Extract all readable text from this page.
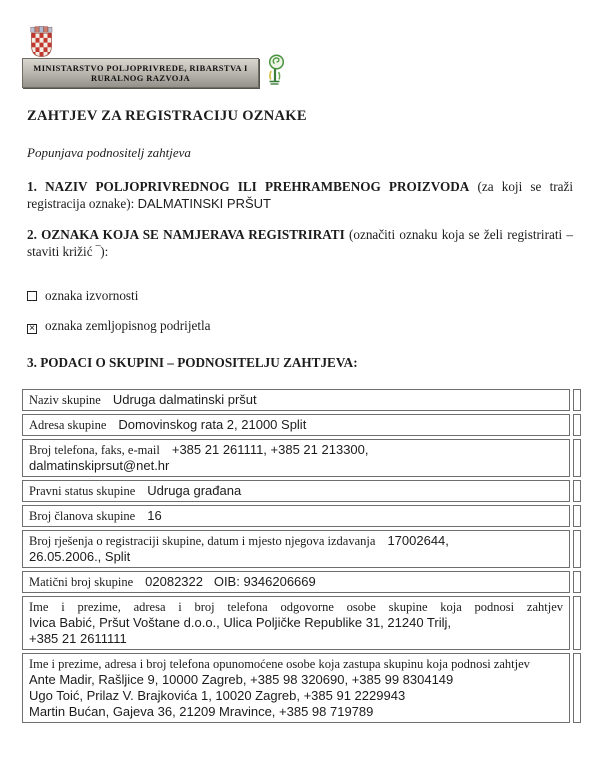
MINISTARSTVO POLJOPRIVREDE, RIBARSTVA I
RURALNOG RAZVOJA
ZAHTJEV ZA REGISTRACIJU OZNAKE
Popunjava podnositelj zahtjeva

1. NAZIV POLJOPRIVREDNOG ILI PREHRAMBENOG PROIZVODA (za koji se traži registracija oznake): DALMATINSKI PRŠUT

2. OZNAKA KOJA SE NAMJERAVA REGISTRIRATI (označiti oznaku koja se želi registrirati – staviti križić ‾):

oznaka izvornosti
× oznaka zemljopisnog podrijetla
3. PODACI O SKUPINI – PODNOSITELJU ZAHTJEVA:
Naziv skupine Udruga dalmatinski pršut
Adresa skupine Domovinskog rata 2, 21000 Split
Broj telefona, faks, e-mail +385 21 261111, +385 21 213300,
dalmatinskiprsut@net.hr
Pravni status skupine Udruga građana
Broj članova skupine 16
Broj rješenja o registraciji skupine, datum i mjesto njegova izdavanja 17002644,
26.05.2006., Split
Matični broj skupine 02082322   OIB: 9346206669
Ime i prezime, adresa i broj telefona odgovorne osobe skupine koja podnosi zahtjev
Ivica Babić, Pršut Voštane d.o.o., Ulica Poljičke Republike 31, 21240 Trilj,
+385 21 2611111
Ime i prezime, adresa i broj telefona opunomoćene osobe koja zastupa skupinu koja podnosi zahtjev
Ante Madir, Rašljice 9, 10000 Zagreb, +385 98 320690, +385 99 8304149
Ugo Toić, Prilaz V. Brajkovića 1, 10020 Zagreb, +385 91 2229943
Martin Bućan, Gajeva 36, 21209 Mravince, +385 98 719789
